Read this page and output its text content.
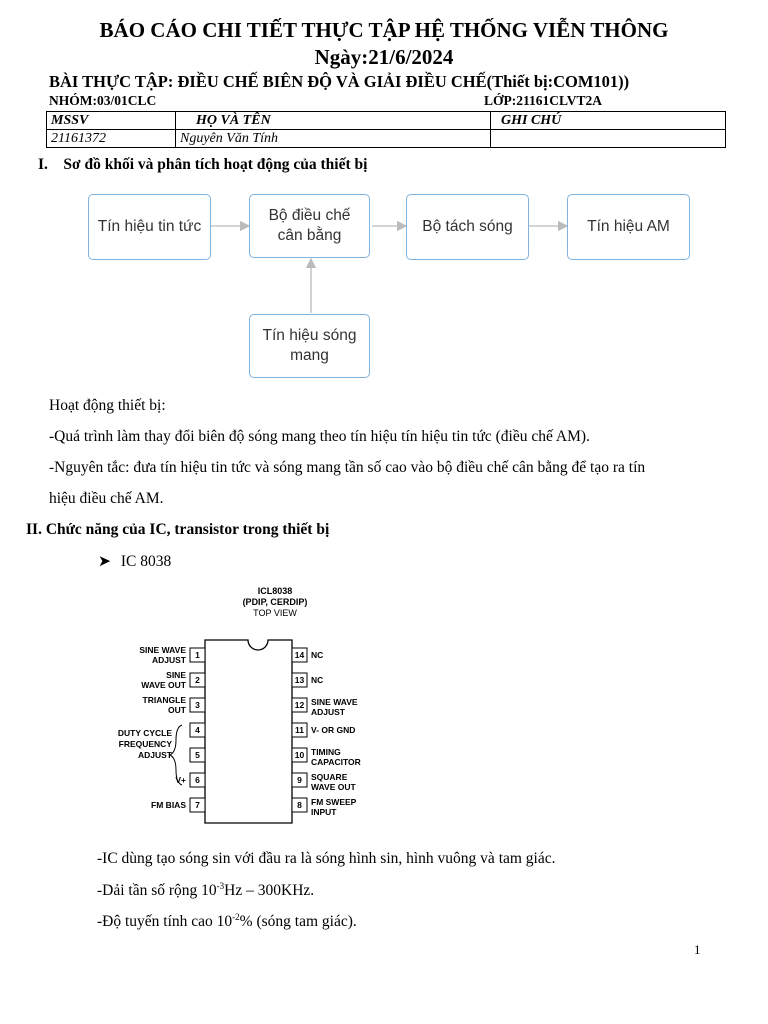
BÁO CÁO CHI TIẾT THỰC TẬP HỆ THỐNG VIỄN THÔNG
Ngày:21/6/2024
BÀI THỰC TẬP: ĐIỀU CHẾ BIÊN ĐỘ VÀ GIẢI ĐIỀU CHẾ(Thiết bị:COM101))
NHÓM:03/01CLC	LỚP:21161CLVT2A
MSSV	HỌ VÀ TÊN	GHI CHÚ
21161372	Nguyên Văn Tính	
I. Sơ đồ khối và phân tích hoạt động của thiết bị
Tín hiệu tin tức
Bộ điều chế cân bằng
Bộ tách sóng	Tín hiệu AM
Tín hiệu sóng mang
Hoạt động thiết bị:
-Quá trình làm thay đổi biên độ sóng mang theo tín hiệu tín hiệu tin tức (điều chế AM).
-Nguyên tắc: đưa tín hiệu tin tức và sóng mang tần số cao vào bộ điều chế cân bằng để tạo ra tín
hiệu điều chế AM.
II. Chức năng của IC, transistor trong thiết bị
➤ IC 8038
ICL8038
(PDIP, CERDIP)
TOP VIEW
1
2
3
4
5
6
7
SINE WAVE
ADJUST
SINE
WAVE OUT
TRIANGLE
OUT
DUTY CYCLE
FREQUENCY
ADJUST
V+
FM BIAS
14
13
12
11
10
9
8
NC
NC
SINE WAVE
ADJUST
V- OR GND
TIMING
CAPACITOR
SQUARE
WAVE OUT
FM SWEEP
INPUT
-IC dùng tạo sóng sin với đầu ra là sóng hình sin, hình vuông và tam giác.
-Dải tần số rộng $10^{-3}Hz - 300KHz$.
-Độ tuyến tính cao $10^{-2}\%$ (sóng tam giác).
1
